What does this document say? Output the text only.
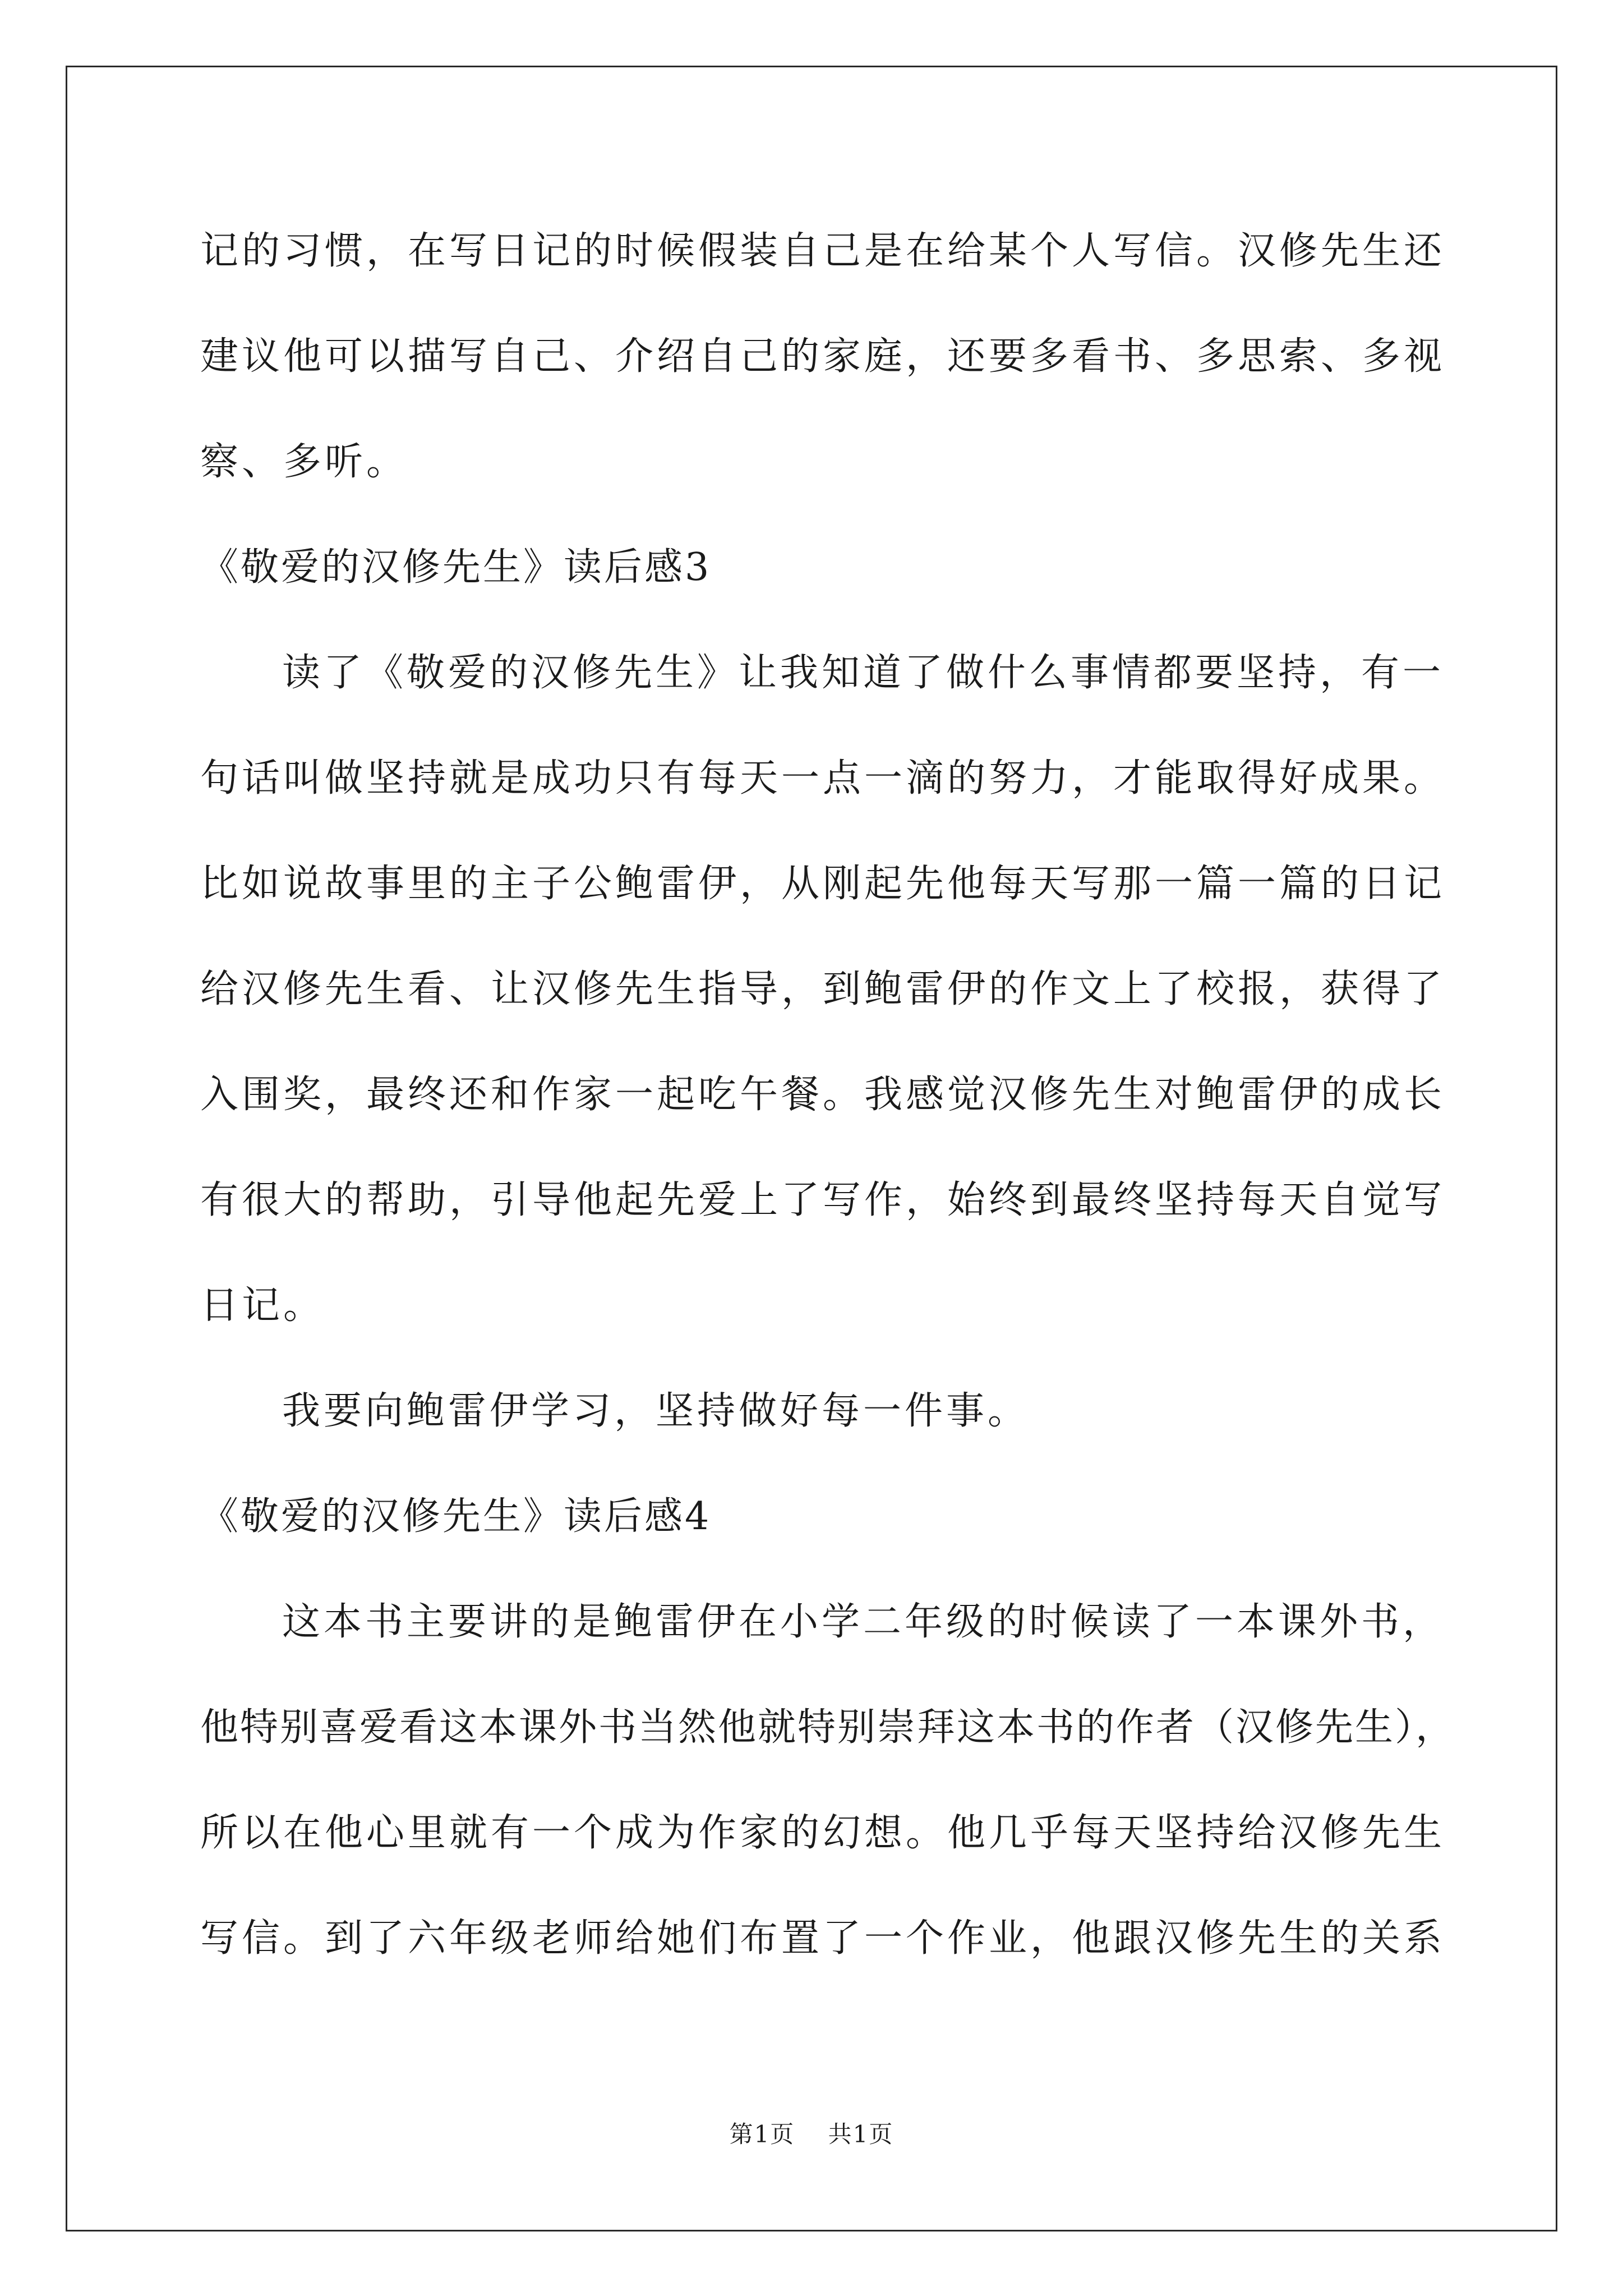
记的习惯，在写日记的时候假装自己是在给某个人写信。汉修先生还
建议他可以描写自己、介绍自己的家庭，还要多看书、多思索、多视
察、多听。
《敬爱的汉修先生》读后感3
读了《敬爱的汉修先生》让我知道了做什么事情都要坚持，有一
句话叫做坚持就是成功只有每天一点一滴的努力，才能取得好成果。
比如说故事里的主子公鲍雷伊，从刚起先他每天写那一篇一篇的日记
给汉修先生看、让汉修先生指导，到鲍雷伊的作文上了校报，获得了
入围奖，最终还和作家一起吃午餐。我感觉汉修先生对鲍雷伊的成长
有很大的帮助，引导他起先爱上了写作，始终到最终坚持每天自觉写
日记。
我要向鲍雷伊学习，坚持做好每一件事。
《敬爱的汉修先生》读后感4
这本书主要讲的是鲍雷伊在小学二年级的时候读了一本课外书，
他特别喜爱看这本课外书当然他就特别崇拜这本书的作者（汉修先生），
所以在他心里就有一个成为作家的幻想。他几乎每天坚持给汉修先生
写信。到了六年级老师给她们布置了一个作业，他跟汉修先生的关系
第1页 共1页
